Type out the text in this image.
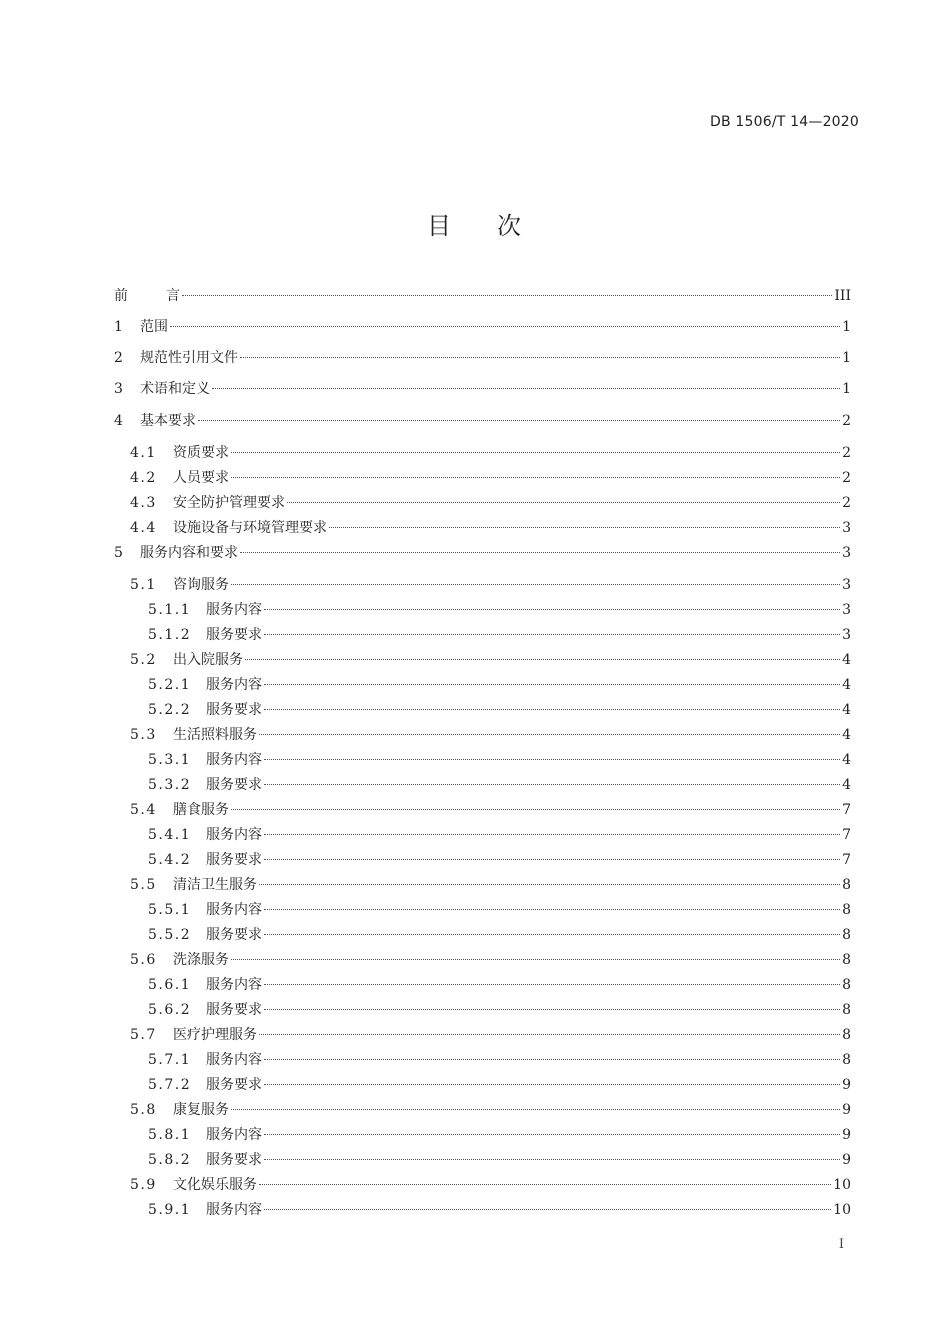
DB 1506/T 14—2020
目 次
前	言	III
1	范围	1
2	规范性引用文件	1
3	术语和定义	1
4	基本要求	2
4.1	资质要求	2
4.2	人员要求	2
4.3	安全防护管理要求	2
4.4	设施设备与环境管理要求	3
5	服务内容和要求	3
5.1	咨询服务	3
5.1.1	服务内容	3
5.1.2	服务要求	3
5.2	出入院服务	4
5.2.1	服务内容	4
5.2.2	服务要求	4
5.3	生活照料服务	4
5.3.1	服务内容	4
5.3.2	服务要求	4
5.4	膳食服务	7
5.4.1	服务内容	7
5.4.2	服务要求	7
5.5	清洁卫生服务	8
5.5.1	服务内容	8
5.5.2	服务要求	8
5.6	洗涤服务	8
5.6.1	服务内容	8
5.6.2	服务要求	8
5.7	医疗护理服务	8
5.7.1	服务内容	8
5.7.2	服务要求	9
5.8	康复服务	9
5.8.1	服务内容	9
5.8.2	服务要求	9
5.9	文化娱乐服务	10
5.9.1	服务内容	10
I
